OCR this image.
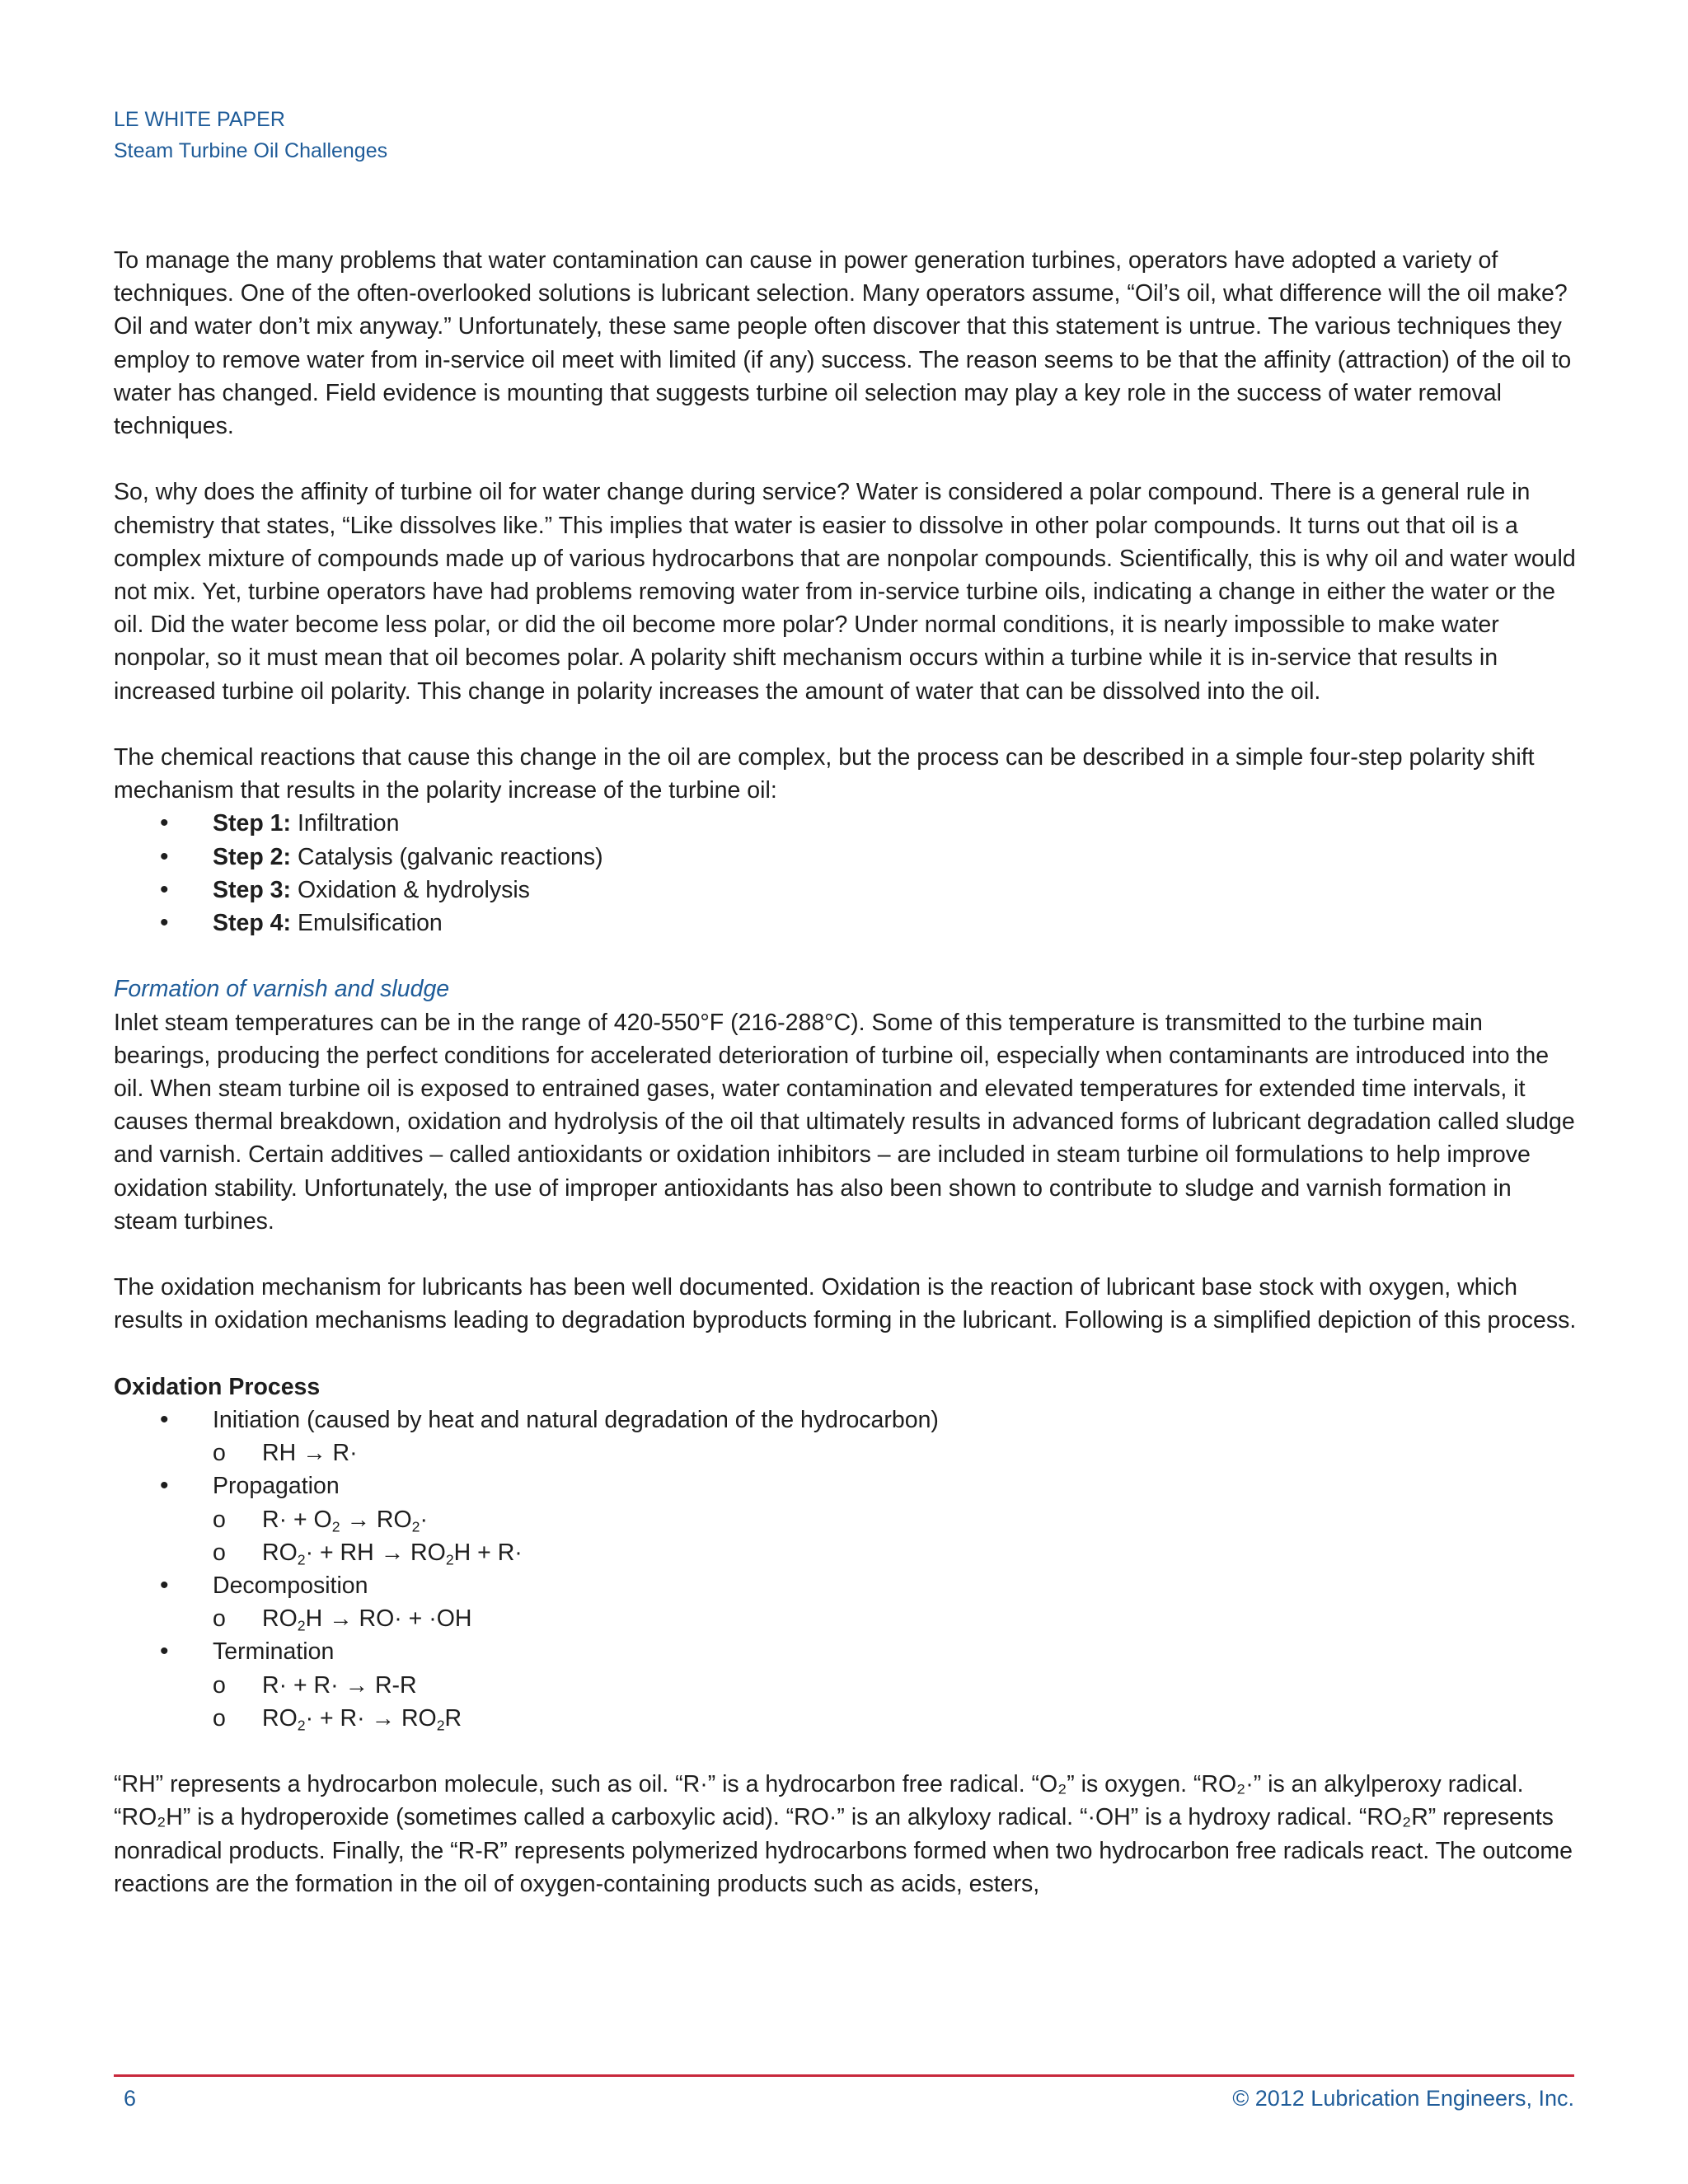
LE WHITE PAPER
Steam Turbine Oil Challenges

To manage the many problems that water contamination can cause in power generation turbines, operators have adopted a variety of techniques. One of the often-overlooked solutions is lubricant selection. Many operators assume, “Oil’s oil, what difference will the oil make? Oil and water don’t mix anyway.” Unfortunately, these same people often discover that this statement is untrue. The various techniques they employ to remove water from in-service oil meet with limited (if any) success. The reason seems to be that the affinity (attraction) of the oil to water has changed. Field evidence is mounting that suggests turbine oil selection may play a key role in the success of water removal techniques.

So, why does the affinity of turbine oil for water change during service? Water is considered a polar compound. There is a general rule in chemistry that states, “Like dissolves like.” This implies that water is easier to dissolve in other polar compounds. It turns out that oil is a complex mixture of compounds made up of various hydrocarbons that are nonpolar compounds. Scientifically, this is why oil and water would not mix. Yet, turbine operators have had problems removing water from in-service turbine oils, indicating a change in either the water or the oil. Did the water become less polar, or did the oil become more polar? Under normal conditions, it is nearly impossible to make water nonpolar, so it must mean that oil becomes polar. A polarity shift mechanism occurs within a turbine while it is in-service that results in increased turbine oil polarity. This change in polarity increases the amount of water that can be dissolved into the oil.

The chemical reactions that cause this change in the oil are complex, but the process can be described in a simple four-step polarity shift mechanism that results in the polarity increase of the turbine oil:

• Step 1: Infiltration
• Step 2: Catalysis (galvanic reactions)
• Step 3: Oxidation & hydrolysis
• Step 4: Emulsification
Formation of varnish and sludge

Inlet steam temperatures can be in the range of 420-550°F (216-288°C). Some of this temperature is transmitted to the turbine main bearings, producing the perfect conditions for accelerated deterioration of turbine oil, especially when contaminants are introduced into the oil. When steam turbine oil is exposed to entrained gases, water contamination and elevated temperatures for extended time intervals, it causes thermal breakdown, oxidation and hydrolysis of the oil that ultimately results in advanced forms of lubricant degradation called sludge and varnish. Certain additives – called antioxidants or oxidation inhibitors – are included in steam turbine oil formulations to help improve oxidation stability. Unfortunately, the use of improper antioxidants has also been shown to contribute to sludge and varnish formation in steam turbines.

The oxidation mechanism for lubricants has been well documented. Oxidation is the reaction of lubricant base stock with oxygen, which results in oxidation mechanisms leading to degradation byproducts forming in the lubricant. Following is a simplified depiction of this process.

Oxidation Process
• Initiation (caused by heat and natural degradation of the hydrocarbon)
o RH → R·
• Propagation
o $R\cdot + O_2 \to RO_2\cdot$
o $RO_2\cdot$ + RH → $RO_2H + R\cdot$
• Decomposition
o $RO_2H \to RO\cdot + \cdot OH$
• Termination
o R· + R· → R-R
o $RO_2\cdot + R\cdot \to RO_2R$

“RH” represents a hydrocarbon molecule, such as oil. “R·” is a hydrocarbon free radical. “O₂” is oxygen. “RO₂·” is an alkylperoxy radical. “RO₂H” is a hydroperoxide (sometimes called a carboxylic acid). “RO·” is an alkyloxy radical. “·OH” is a hydroxy radical. “RO₂R” represents nonradical products. Finally, the “R-R” represents polymerized hydrocarbons formed when two hydrocarbon free radicals react. The outcome reactions are the formation in the oil of oxygen-containing products such as acids, esters,

6	© 2012 Lubrication Engineers, Inc.
